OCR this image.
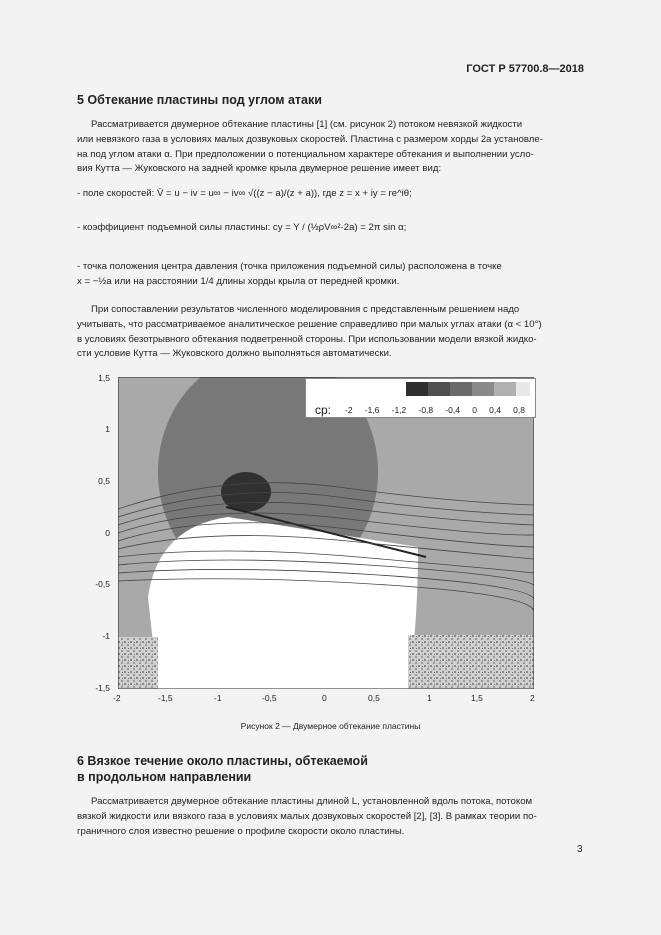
ГОСТ Р 57700.8—2018
5 Обтекание пластины под углом атаки
Рассматривается двумерное обтекание пластины [1] (см. рисунок 2) потоком невязкой жидкости
или невязкого газа в условиях малых дозвуковых скоростей. Пластина с размером хорды 2a установле-
на под углом атаки α. При предположении о потенциальном характере обтекания и выполнении усло-
вия Кутта — Жуковского на задней кромке крыла двумерное решение имеет вид:
- поле скоростей: V̄ = u − iv = u∞ − iv∞ √((z − a)/(z + a)), где z = x + iy = re^iθ;
- коэффициент подъемной силы пластины: cy = Y / (½ρV∞²·2a) = 2π sin α;
- точка положения центра давления (точка приложения подъемной силы) расположена в точке
x = −½a или на расстоянии 1/4 длины хорды крыла от передней кромки.
При сопоставлении результатов численного моделирования с представленным решением надо
учитывать, что рассматриваемое аналитическое решение справедливо при малых углах атаки (α < 10°)
в условиях безотрывного обтекания подветренной стороны. При использовании модели вязкой жидко-
сти условие Кутта — Жуковского должно выполняться автоматически.
cp: -2 -1,6 -1,2 -0,8 -0,4 0 0,4 0,8
1,5
1
0,5
0
-0,5
-1
-1,5
-2	-1,5	-1	-0,5	0	0,5	1	1,5	2
Рисунок 2 — Двумерное обтекание пластины
6 Вязкое течение около пластины, обтекаемой
в продольном направлении
Рассматривается двумерное обтекание пластины длиной L, установленной вдоль потока, потоком
вязкой жидкости или вязкого газа в условиях малых дозвуковых скоростей [2], [3]. В рамках теории по-
граничного слоя известно решение о профиле скорости около пластины.
3
